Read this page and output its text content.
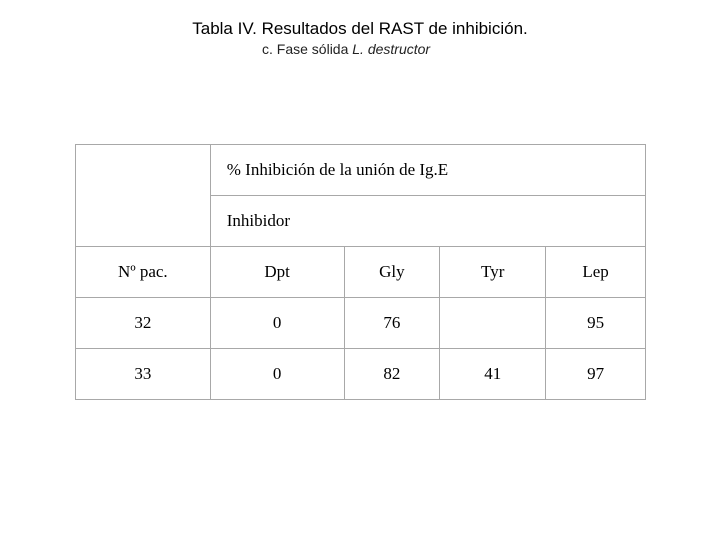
Tabla IV. Resultados del RAST de inhibición.
c. Fase sólida L. destructor
	% Inhibición de la unión de Ig.E			
	Inhibidor			
Nº pac.	Dpt	Gly	Tyr	Lep
32	0	76		95
33	0	82	41	97
